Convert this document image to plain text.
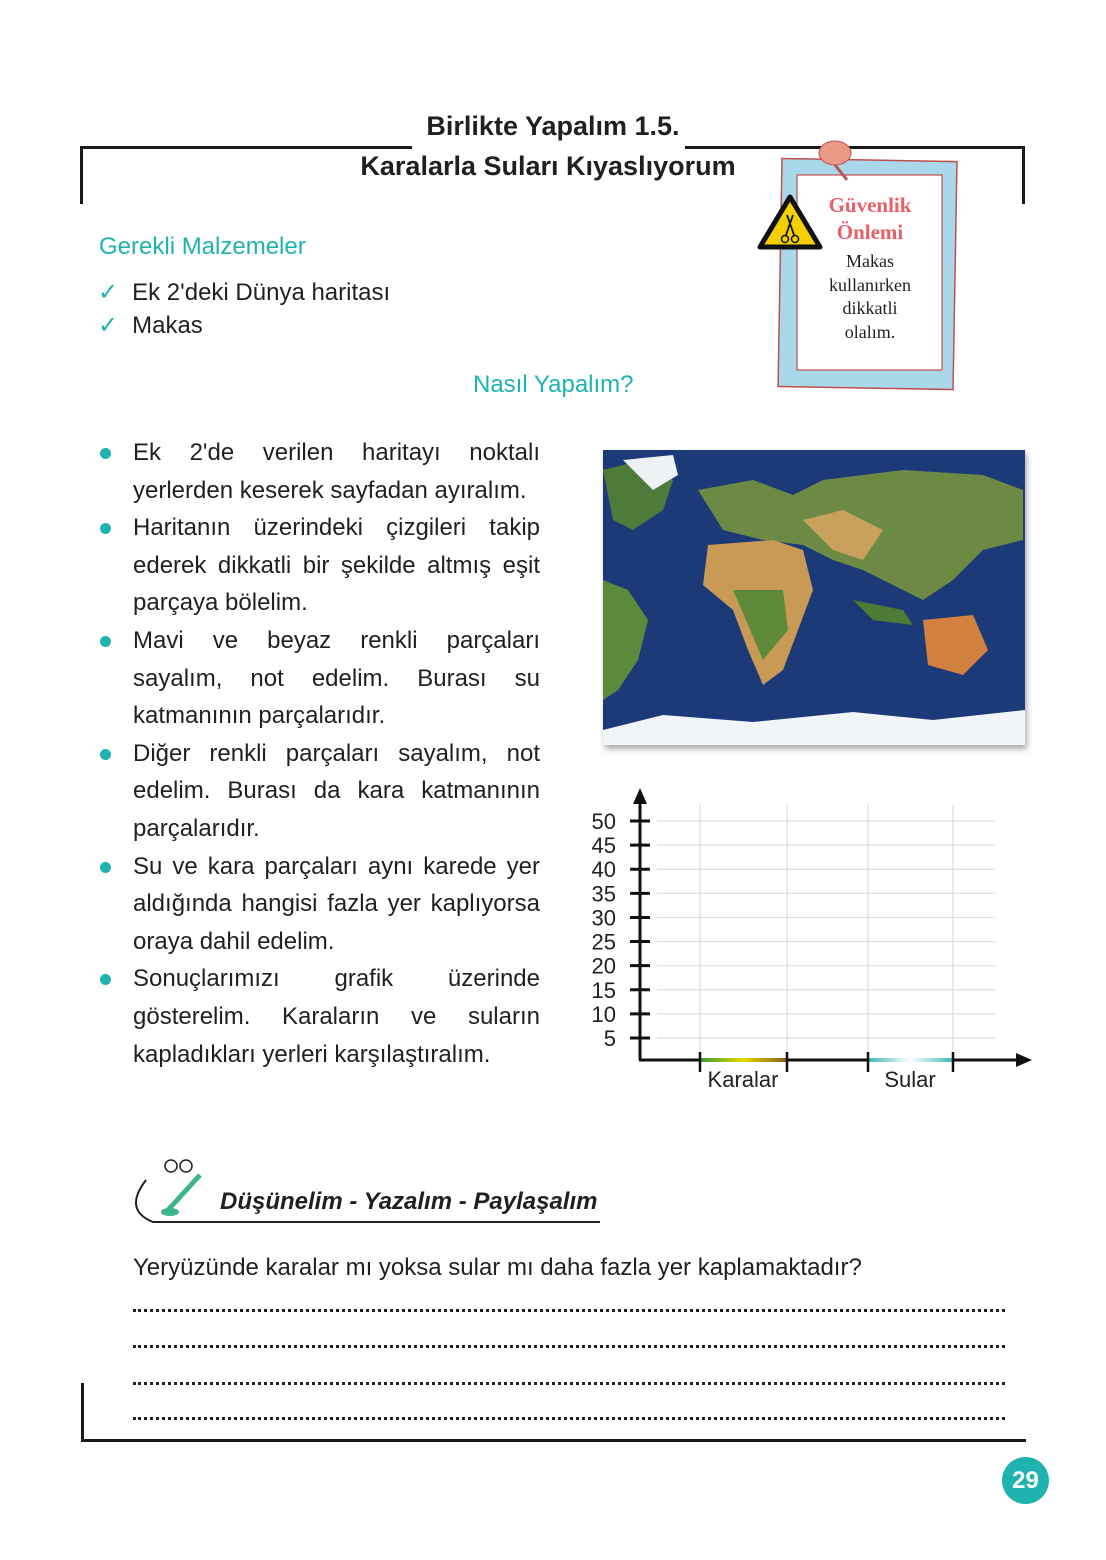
Birlikte Yapalım 1.5.
Karalarla Suları Kıyaslıyorum
Gerekli Malzemeler
✓ Ek 2'deki Dünya haritası
✓ Makas
Güvenlik
Önlemi
Makas
kullanırken
dikkatli
olalım.
Nasıl Yapalım?
Ek 2'de verilen haritayı noktalı yerlerden keserek sayfadan ayıralım.
Haritanın üzerindeki çizgileri takip ederek dikkatli bir şekilde altmış eşit parçaya bölelim.
Mavi ve beyaz renkli parçaları sayalım, not edelim. Burası su katmanının parçalarıdır.
Diğer renkli parçaları sayalım, not edelim. Burası da kara katmanının parçalarıdır.
Su ve kara parçaları aynı karede yer aldığında hangisi fazla yer kaplıyorsa oraya dahil edelim.
Sonuçlarımızı grafik üzerinde gösterelim. Karaların ve suların kapladıkları yerleri karşılaştıralım.
5
10
15
20
25
30
35
40
45
50
Karalar	Sular
Düşünelim - Yazalım - Paylaşalım
Yeryüzünde karalar mı yoksa sular mı daha fazla yer kaplamaktadır?
29
